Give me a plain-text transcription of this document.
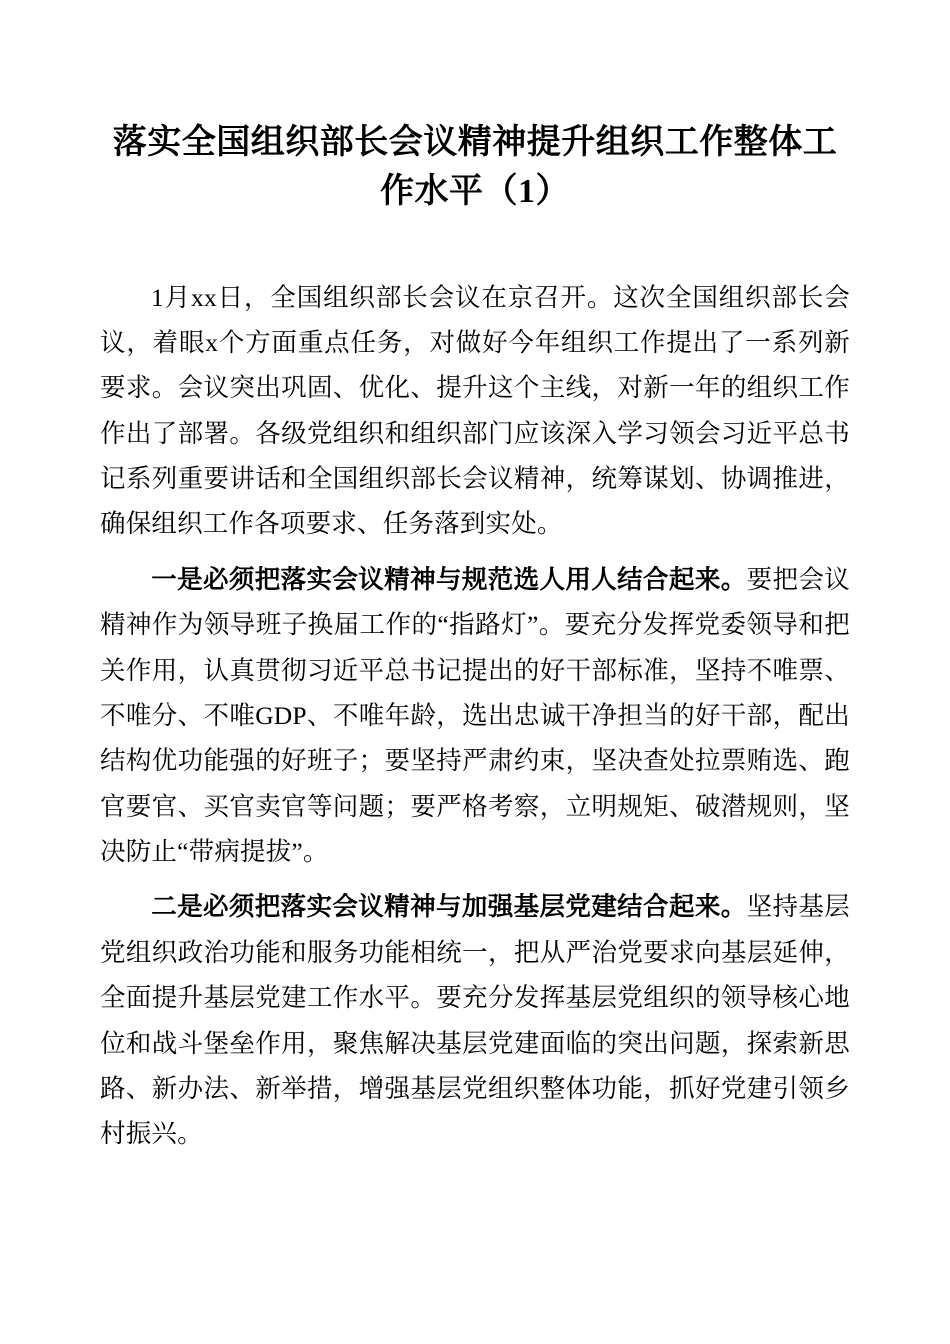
落实全国组织部长会议精神提升组织工作整体工作水平（1）

1月xx日，全国组织部长会议在京召开。这次全国组织部长会议，着眼x个方面重点任务，对做好今年组织工作提出了一系列新要求。会议突出巩固、优化、提升这个主线，对新一年的组织工作作出了部署。各级党组织和组织部门应该深入学习领会习近平总书记系列重要讲话和全国组织部长会议精神，统筹谋划、协调推进，确保组织工作各项要求、任务落到实处。

一是必须把落实会议精神与规范选人用人结合起来。要把会议精神作为领导班子换届工作的“指路灯”。要充分发挥党委领导和把关作用，认真贯彻习近平总书记提出的好干部标准，坚持不唯票、不唯分、不唯GDP、不唯年龄，选出忠诚干净担当的好干部，配出结构优功能强的好班子；要坚持严肃约束，坚决查处拉票贿选、跑官要官、买官卖官等问题；要严格考察，立明规矩、破潜规则，坚决防止“带病提拔”。

二是必须把落实会议精神与加强基层党建结合起来。坚持基层党组织政治功能和服务功能相统一，把从严治党要求向基层延伸，全面提升基层党建工作水平。要充分发挥基层党组织的领导核心地位和战斗堡垒作用，聚焦解决基层党建面临的突出问题，探索新思路、新办法、新举措，增强基层党组织整体功能，抓好党建引领乡村振兴。
